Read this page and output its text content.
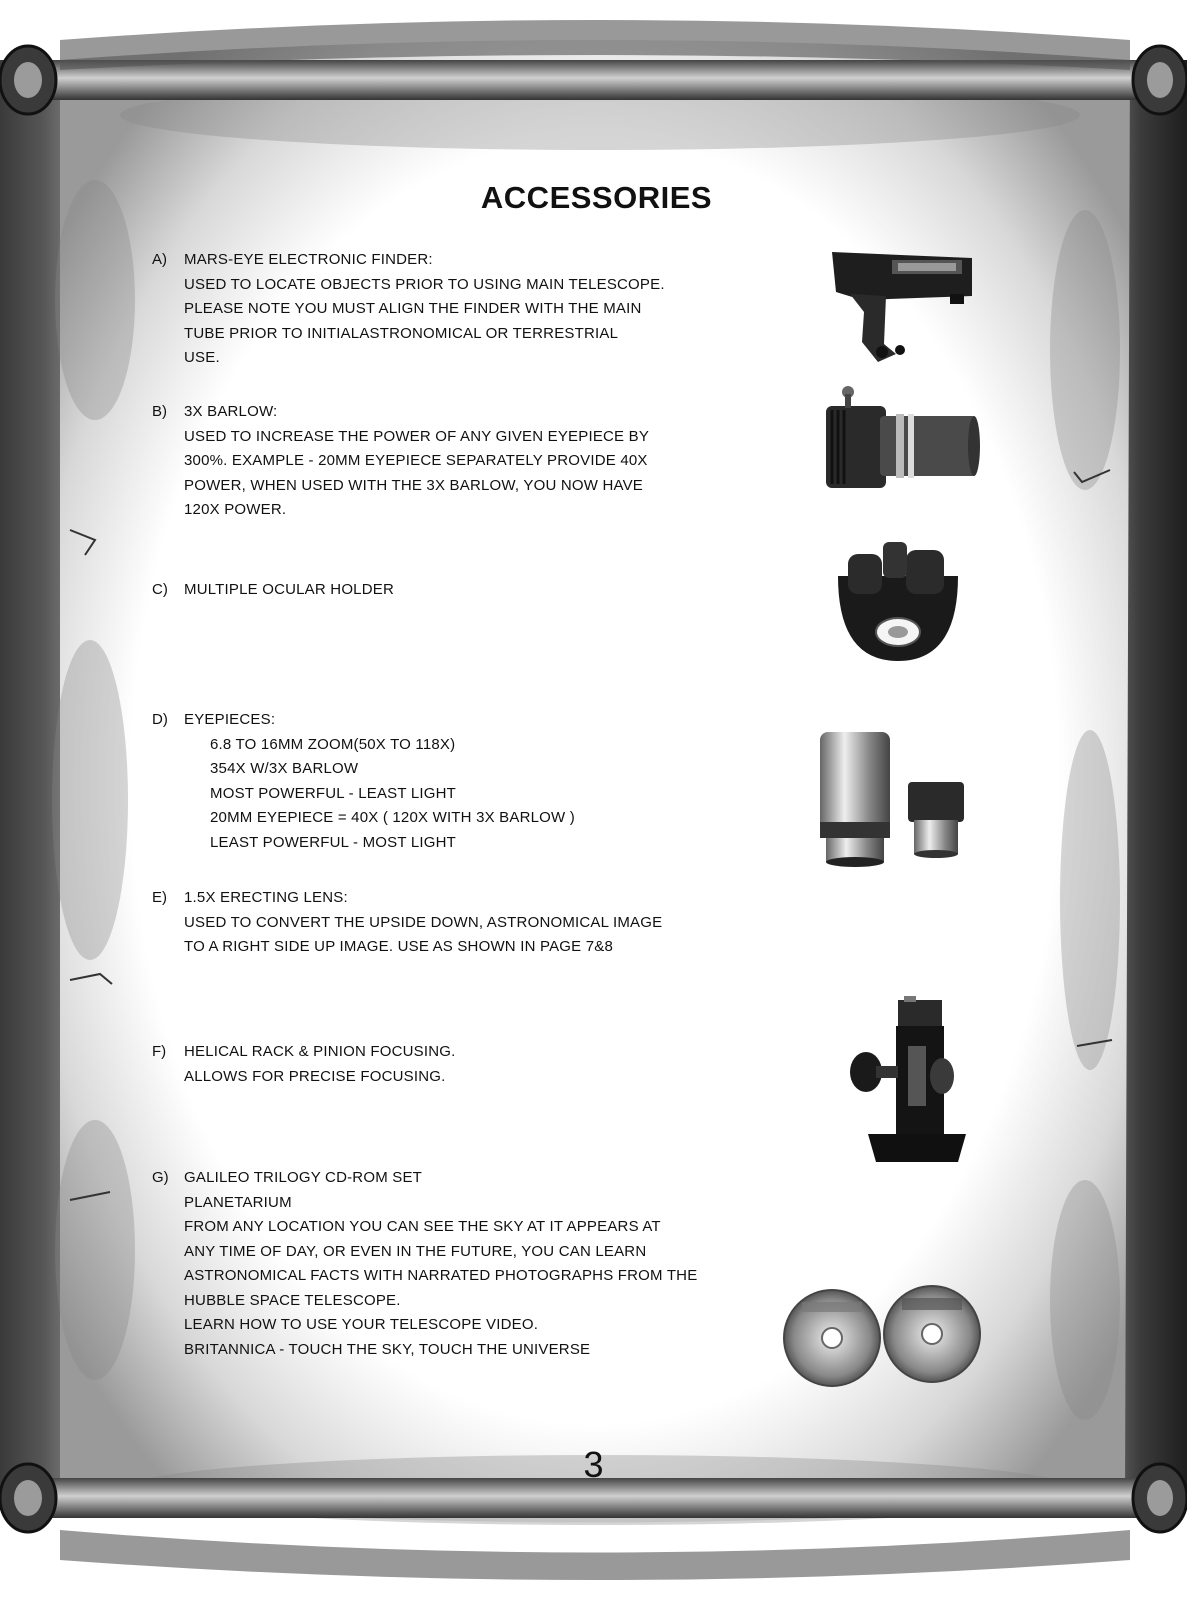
ACCESSORIES
A)	MARS-EYE ELECTRONIC FINDER:
USED TO LOCATE OBJECTS PRIOR TO USING MAIN TELESCOPE.
PLEASE NOTE YOU MUST ALIGN THE FINDER WITH THE MAIN
TUBE PRIOR TO INITIALASTRONOMICAL OR TERRESTRIAL
USE.
B)	3X BARLOW:
USED TO INCREASE THE POWER OF ANY GIVEN EYEPIECE BY
300%. EXAMPLE - 20MM EYEPIECE SEPARATELY PROVIDE 40X
POWER, WHEN USED WITH THE 3X BARLOW, YOU NOW HAVE
120X POWER.
C)	MULTIPLE OCULAR HOLDER
D)	EYEPIECES:
6.8 TO 16MM ZOOM(50X TO 118X)
354X W/3X BARLOW
MOST POWERFUL - LEAST LIGHT
20MM EYEPIECE = 40X ( 120X WITH 3X BARLOW )
LEAST POWERFUL - MOST LIGHT
E)	1.5X ERECTING LENS:
USED TO CONVERT THE UPSIDE DOWN, ASTRONOMICAL IMAGE
TO A RIGHT SIDE UP IMAGE. USE AS SHOWN IN PAGE 7&8
F)	HELICAL RACK & PINION FOCUSING.
ALLOWS FOR PRECISE FOCUSING.
G)	GALILEO TRILOGY CD-ROM SET
PLANETARIUM
FROM ANY LOCATION YOU CAN SEE THE SKY AT IT APPEARS AT
ANY TIME OF DAY, OR EVEN IN THE FUTURE, YOU CAN LEARN
ASTRONOMICAL FACTS WITH NARRATED PHOTOGRAPHS FROM THE
HUBBLE SPACE TELESCOPE.
LEARN HOW TO USE YOUR TELESCOPE VIDEO.
BRITANNICA - TOUCH THE SKY, TOUCH THE UNIVERSE
3
